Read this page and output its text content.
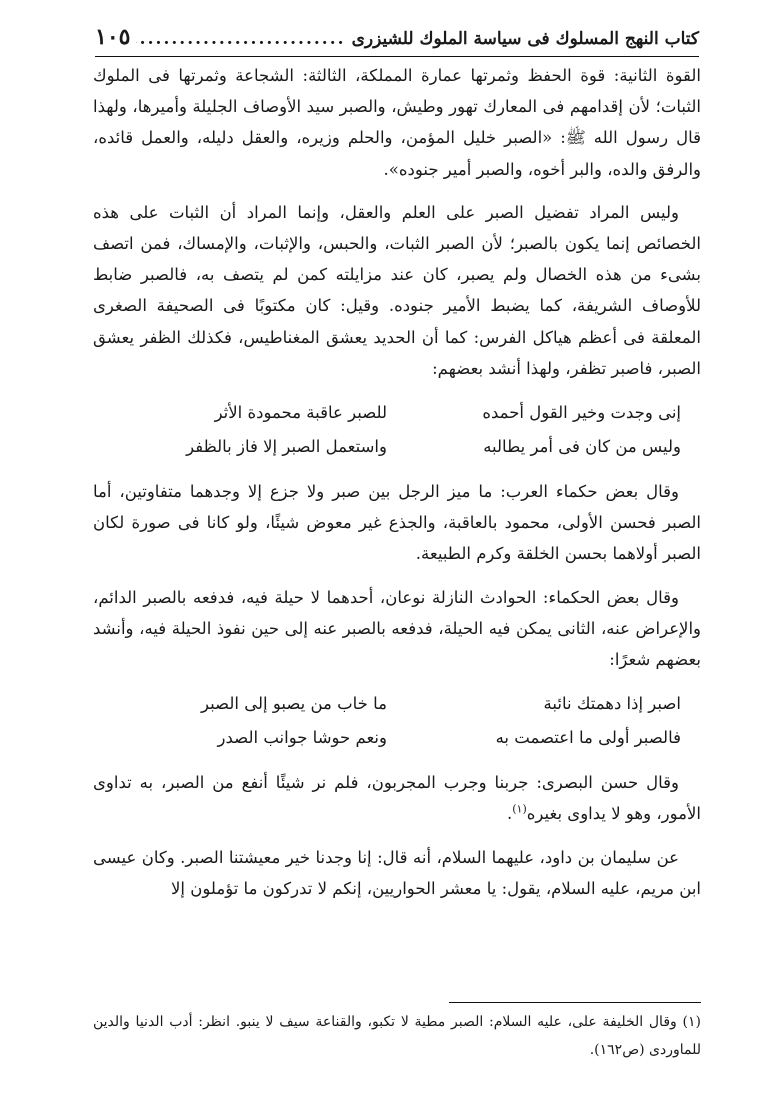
كتاب النهج المسلوك فى سياسة الملوك للشيزرى
.....
١٠٥

القوة الثانية: قوة الحفظ وثمرتها عمارة المملكة، الثالثة: الشجاعة وثمرتها فى الملوك الثبات؛ لأن إقدامهم فى المعارك تهور وطيش، والصبر سيد الأوصاف الجليلة وأميرها، ولهذا قال رسول الله ﷺ: «الصبر خليل المؤمن، والحلم وزيره، والعقل دليله، والعمل قائده، والرفق والده، والبر أخوه، والصبر أمير جنوده».

وليس المراد تفضيل الصبر على العلم والعقل، وإنما المراد أن الثبات على هذه الخصائص إنما يكون بالصبر؛ لأن الصبر الثبات، والحبس، والإثبات، والإمساك، فمن اتصف بشىء من هذه الخصال ولم يصبر، كان عند مزايلته كمن لم يتصف به، فالصبر ضابط للأوصاف الشريفة، كما يضبط الأمير جنوده. وقيل: كان مكتوبًا فى الصحيفة الصغرى المعلقة فى أعظم هياكل الفرس: كما أن الحديد يعشق المغناطيس، فكذلك الظفر يعشق الصبر، فاصبر تظفر، ولهذا أنشد بعضهم:

إنى وجدت وخير القول أحمده
للصبر عاقبة محمودة الأثر
وليس من كان فى أمر يطالبه
واستعمل الصبر إلا فاز بالظفر

وقال بعض حكماء العرب: ما ميز الرجل بين صبر ولا جزع إلا وجدهما متفاوتين، أما الصبر فحسن الأولى، محمود بالعاقبة، والجذع غير معوض شيئًا، ولو كانا فى صورة لكان الصبر أولاهما بحسن الخلقة وكرم الطبيعة.

وقال بعض الحكماء: الحوادث النازلة نوعان، أحدهما لا حيلة فيه، فدفعه بالصبر الدائم، والإعراض عنه، الثانى يمكن فيه الحيلة، فدفعه بالصبر عنه إلى حين نفوذ الحيلة فيه، وأنشد بعضهم شعرًا:

اصبر إذا دهمتك نائبة
ما خاب من يصبو إلى الصبر
فالصبر أولى ما اعتصمت به
ونعم حوشا جوانب الصدر

وقال حسن البصرى: جربنا وجرب المجربون، فلم نر شيئًا أنفع من الصبر، به تداوى الأمور، وهو لا يداوى بغيره$^{(١)}$.

عن سليمان بن داود، عليهما السلام، أنه قال: إنا وجدنا خير معيشتنا الصبر. وكان عيسى ابن مريم، عليه السلام، يقول: يا معشر الحواريين، إنكم لا تدركون ما تؤملون إلا

(١) وقال الخليفة على، عليه السلام: الصبر مطية لا تكبو، والقناعة سيف لا ينبو. انظر: أدب الدنيا والدين للماوردى (ص١٦٢).
